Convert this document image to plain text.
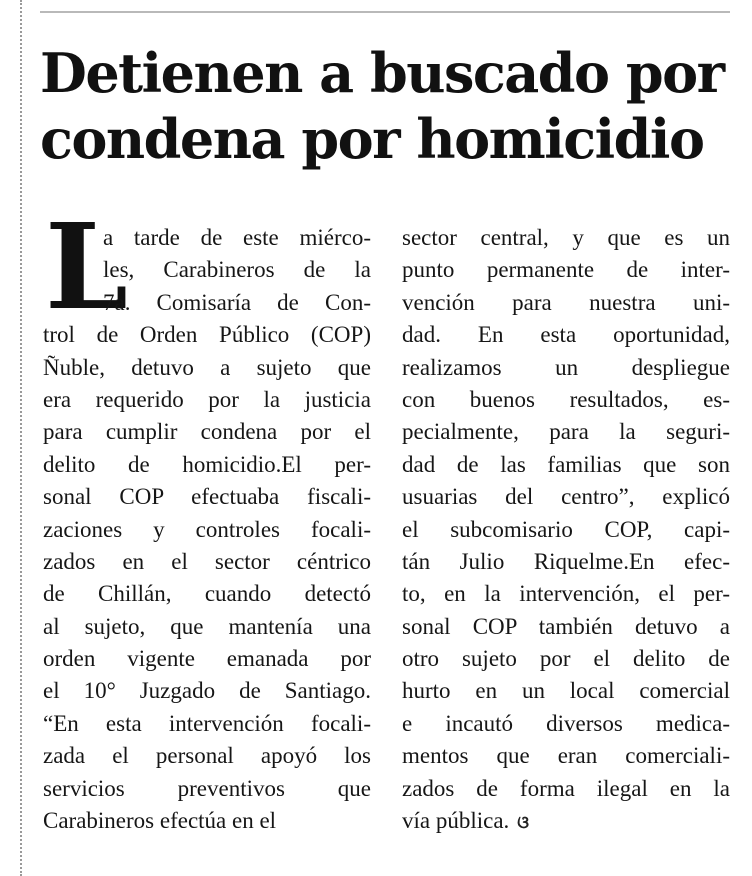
Detienen a buscado por
condena por homicidio
L
a tarde de este miérco-
les, Carabineros de la
7a. Comisaría de Con-
trol de Orden Público (COP)
Ñuble, detuvo a sujeto que
era requerido por la justicia
para cumplir condena por el
delito de homicidio.El per-
sonal COP efectuaba fiscali-
zaciones y controles focali-
zados en el sector céntrico
de Chillán, cuando detectó
al sujeto, que mantenía una
orden vigente emanada por
el 10° Juzgado de Santiago.
“En esta intervención focali-
zada el personal apoyó los
servicios preventivos que
Carabineros efectúa en el
sector central, y que es un
punto permanente de inter-
vención para nuestra uni-
dad. En esta oportunidad,
realizamos un despliegue
con buenos resultados, es-
pecialmente, para la seguri-
dad de las familias que son
usuarias del centro”, explicó
el subcomisario COP, capi-
tán Julio Riquelme.En efec-
to, en la intervención, el per-
sonal COP también detuvo a
otro sujeto por el delito de
hurto en un local comercial
e incautó diversos medica-
mentos que eran comerciali-
zados de forma ilegal en la
vía pública. ଓ
